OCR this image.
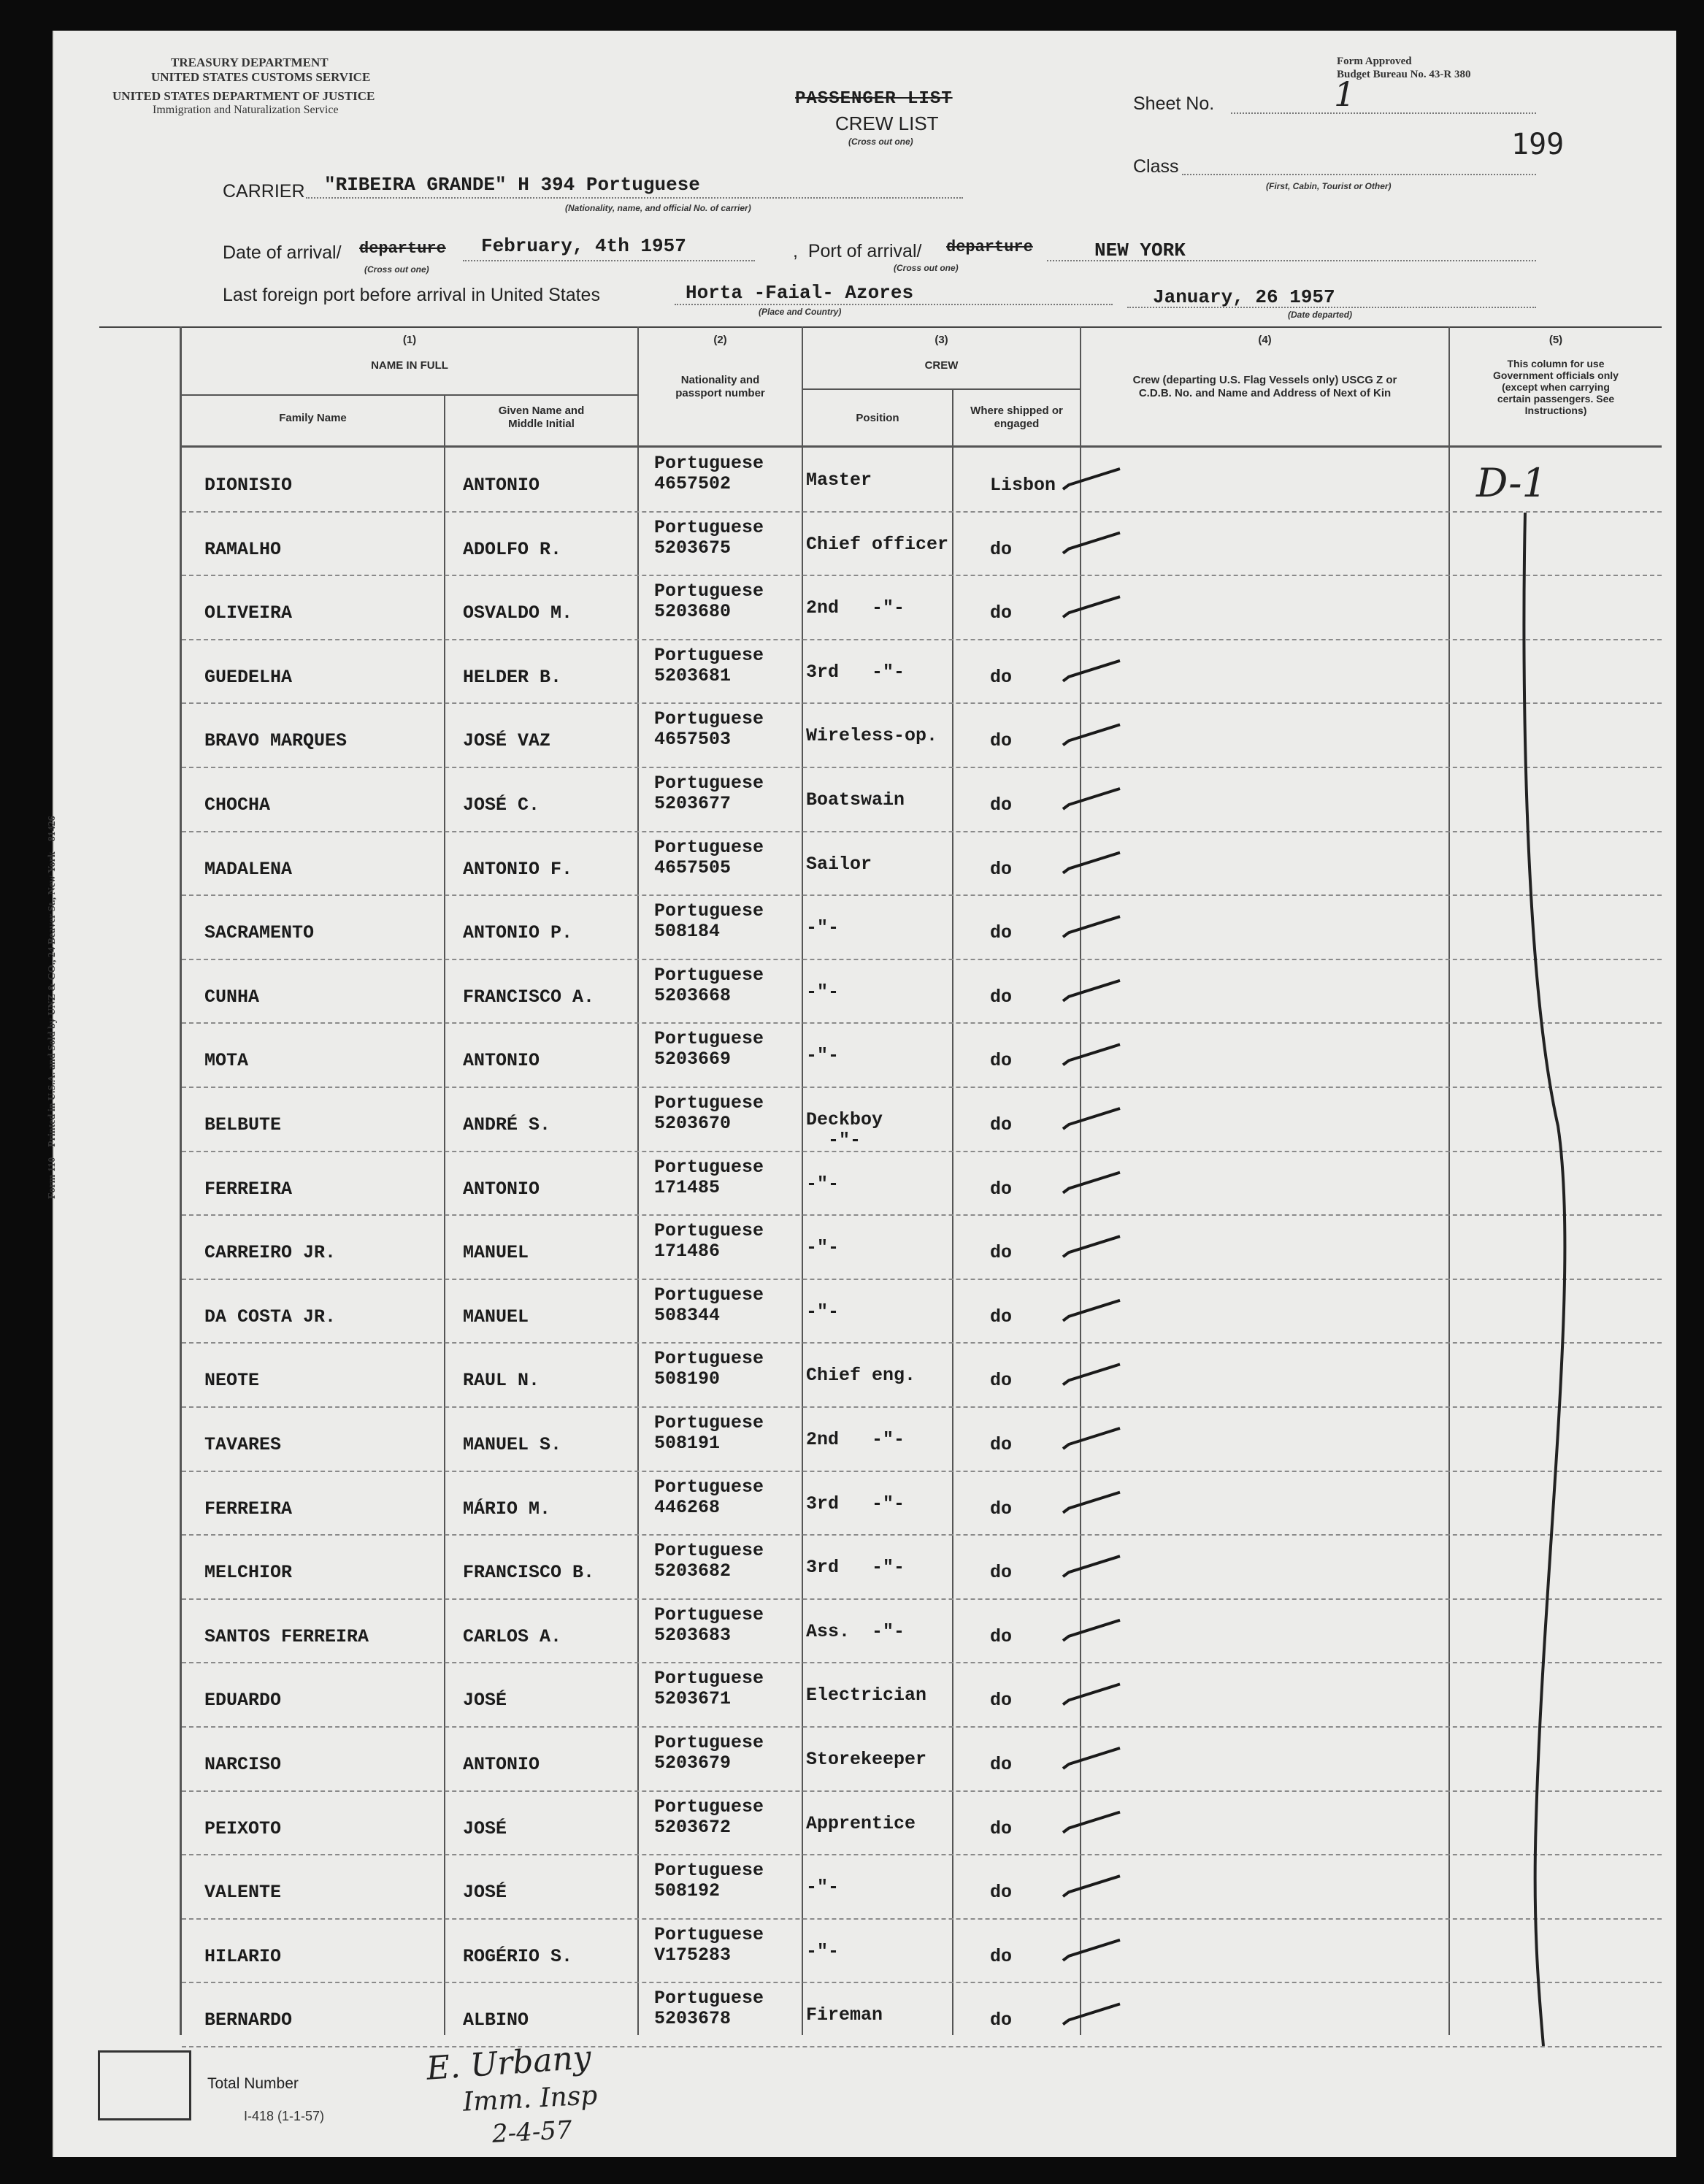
TREASURY DEPARTMENT
UNITED STATES CUSTOMS SERVICE
UNITED STATES DEPARTMENT OF JUSTICE
Immigration and Naturalization Service
PASSENGER LIST
CREW LIST
(Cross out one)
Form Approved
Budget Bureau No. 43-R 380
Sheet No.	1
199
Class
(First, Cabin, Tourist or Other)
CARRIER "RIBEIRA GRANDE" H 394 Portuguese
(Nationality, name, and official No. of carrier)
Date of arrival/ departure
(Cross out one)
February, 4th 1957	,  Port of arrival/ departure
(Cross out one)
NEW YORK
Last foreign port before arrival in United States	Horta -Faial- Azores
(Place and Country)
January, 26 1957
(Date departed)
(1)
NAME IN FULL
Family Name
Given Name and Middle Initial
(2)
Nationality and passport number
(3)
CREW
Position
Where shipped or engaged
(4)
Crew (departing U.S. Flag Vessels only) USCG Z or C.D.B. No. and Name and Address of Next of Kin
(5)
This column for use Government officials only (except when carrying certain passengers. See Instructions)
DIONISIO	ANTONIO
Portuguese
4657502	Master	Lisbon
RAMALHO	ADOLFO R.
Portuguese
5203675	Chief officer do
OLIVEIRA	OSVALDO M.
Portuguese
5203680	2nd   -"-	do
GUEDELHA	HELDER B.
Portuguese
5203681	3rd   -"-	do
BRAVO MARQUES	JOSÉ VAZ
Portuguese
4657503	Wireless-op.	do
CHOCHA	JOSÉ C.
Portuguese
5203677	Boatswain	do
MADALENA	ANTONIO F.
Portuguese
4657505	Sailor	do
SACRAMENTO	ANTONIO P.
Portuguese
508184	-"-	do
CUNHA	FRANCISCO A.
Portuguese
5203668	-"-	do
MOTA	ANTONIO
Portuguese
5203669	-"-	do
BELBUTE	ANDRÉ S.
Portuguese
5203670	Deckboy
-"-
do
FERREIRA	ANTONIO
Portuguese
171485	-"-	do
CARREIRO JR.	MANUEL
Portuguese
171486	-"-	do
DA COSTA JR.	MANUEL
Portuguese
508344	-"-	do
NEOTE	RAUL N.
Portuguese
508190	Chief eng.	do
TAVARES	MANUEL S.
Portuguese
508191	2nd   -"-	do
FERREIRA	MÁRIO M.
Portuguese
446268	3rd   -"-	do
MELCHIOR	FRANCISCO B.
Portuguese
5203682	3rd   -"-	do
SANTOS FERREIRA	CARLOS A.
Portuguese
5203683	Ass.  -"-	do
EDUARDO	JOSÉ
Portuguese
5203671	Electrician	do
NARCISO	ANTONIO
Portuguese
5203679	Storekeeper	do
PEIXOTO	JOSÉ
Portuguese
5203672	Apprentice	do
VALENTE	JOSÉ
Portuguese
508192	-"-	do
HILARIO	ROGÉRIO S.
Portuguese
V175283	-"-	do
BERNARDO	ALBINO
Portuguese
5203678	Fireman	do
D-1
Form 110—Printed in U.S.A. and Sold by UNZ & CO., 24 Beaver St., New York—81426
Total Number
I-418 (1-1-57)
E. Urbany
Imm. Insp
2-4-57
